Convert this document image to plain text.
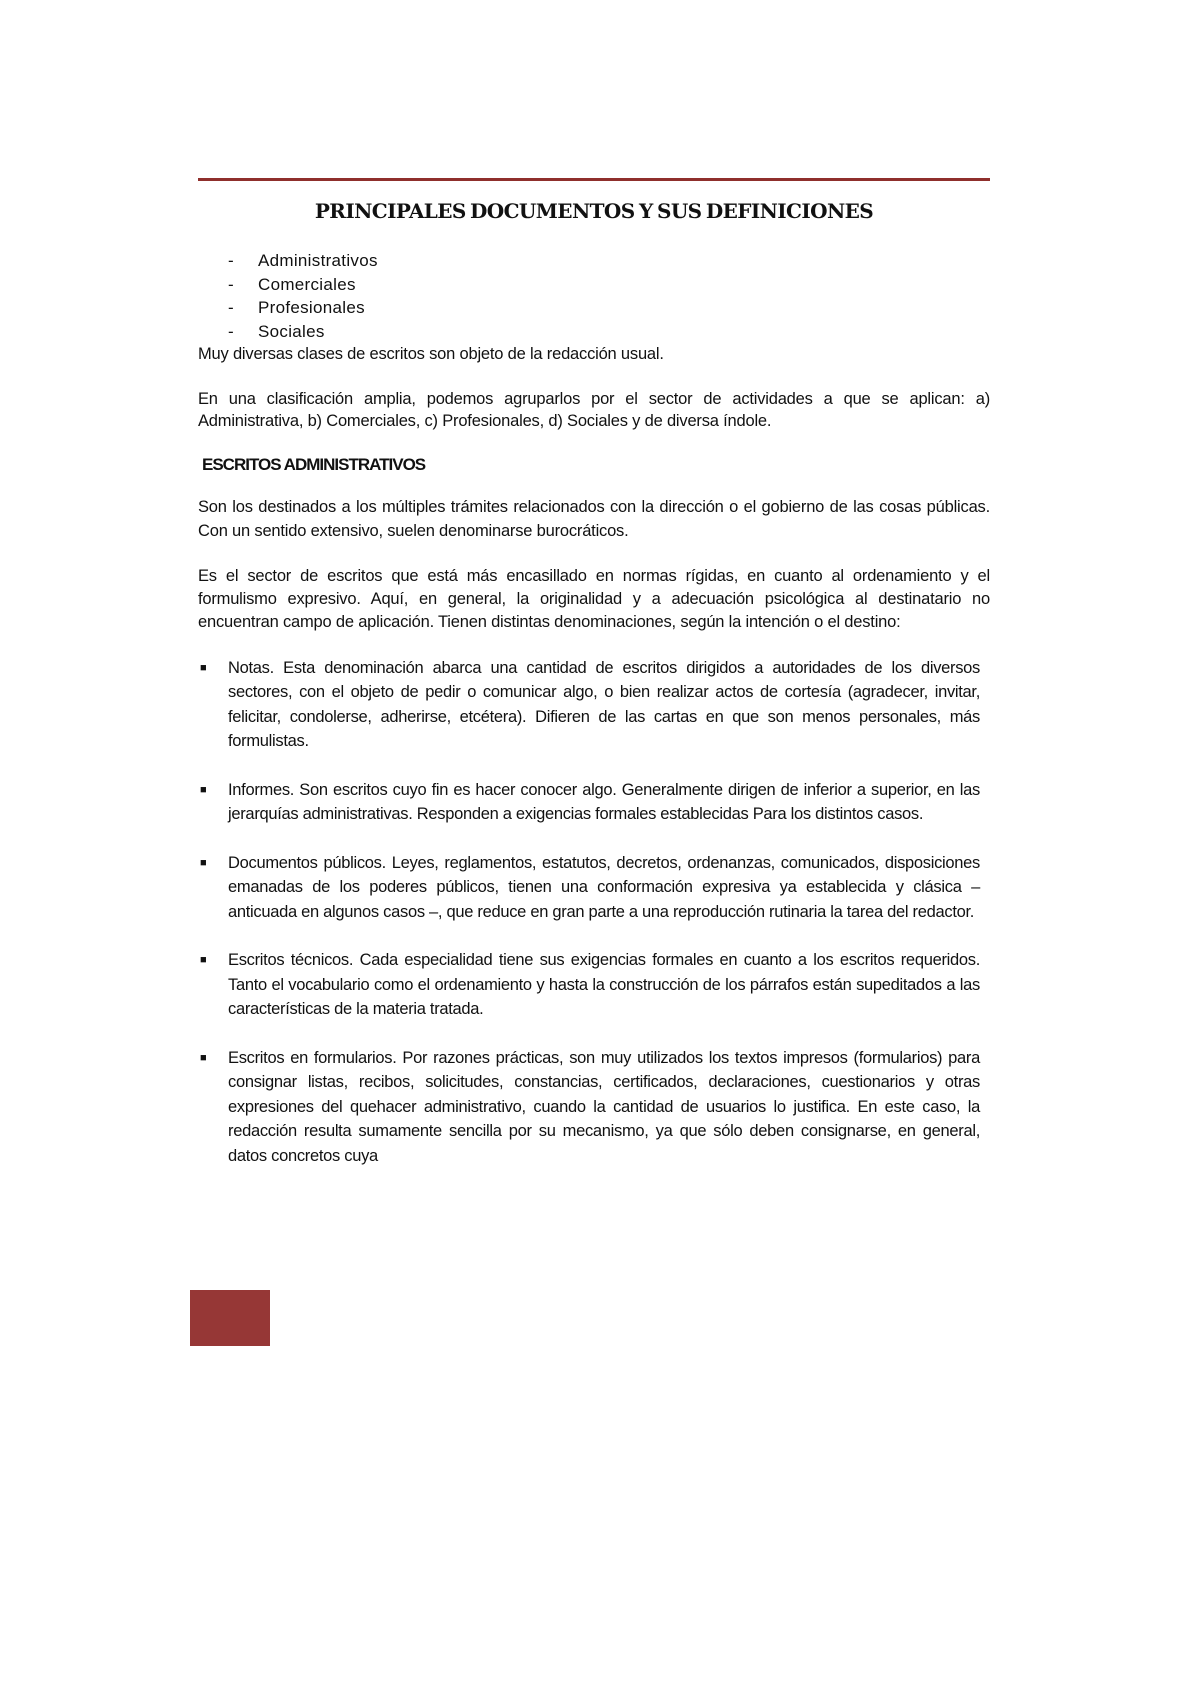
PRINCIPALES DOCUMENTOS Y SUS DEFINICIONES
-	Administrativos
-	Comerciales
-	Profesionales
-	Sociales

Muy diversas clases de escritos son objeto de la redacción usual.

En una clasificación amplia, podemos agruparlos por el sector de actividades a que se aplican: a) Administrativa, b) Comerciales, c) Profesionales, d) Sociales y de diversa índole.

ESCRITOS ADMINISTRATIVOS

Son los destinados a los múltiples trámites relacionados con la dirección o el gobierno de las cosas públicas. Con un sentido extensivo, suelen denominarse burocráticos.

Es el sector de escritos que está más encasillado en normas rígidas, en cuanto al ordenamiento y el formulismo expresivo. Aquí, en general, la originalidad y a adecuación psicológica al destinatario no encuentran campo de aplicación. Tienen distintas denominaciones, según la intención o el destino:

■	Notas. Esta denominación abarca una cantidad de escritos dirigidos a autoridades de los diversos sectores, con el objeto de pedir o comunicar algo, o bien realizar actos de cortesía (agradecer, invitar, felicitar, condolerse, adherirse, etcétera). Difieren de las cartas en que son menos personales, más formulistas.
■	Informes. Son escritos cuyo fin es hacer conocer algo. Generalmente dirigen de inferior a superior, en las jerarquías administrativas. Responden a exigencias formales establecidas Para los distintos casos.
■	Documentos públicos. Leyes, reglamentos, estatutos, decretos, ordenanzas, comunicados, disposiciones emanadas de los poderes públicos, tienen una conformación expresiva ya establecida y clásica – anticuada en algunos casos –, que reduce en gran parte a una reproducción rutinaria la tarea del redactor.
■	Escritos técnicos. Cada especialidad tiene sus exigencias formales en cuanto a los escritos requeridos. Tanto el vocabulario como el ordenamiento y hasta la construcción de los párrafos están supeditados a las características de la materia tratada.
■	Escritos en formularios. Por razones prácticas, son muy utilizados los textos impresos (formularios) para consignar listas, recibos, solicitudes, constancias, certificados, declaraciones, cuestionarios y otras expresiones del quehacer administrativo, cuando la cantidad de usuarios lo justifica. En este caso, la redacción resulta sumamente sencilla por su mecanismo, ya que sólo deben consignarse, en general, datos concretos cuya
